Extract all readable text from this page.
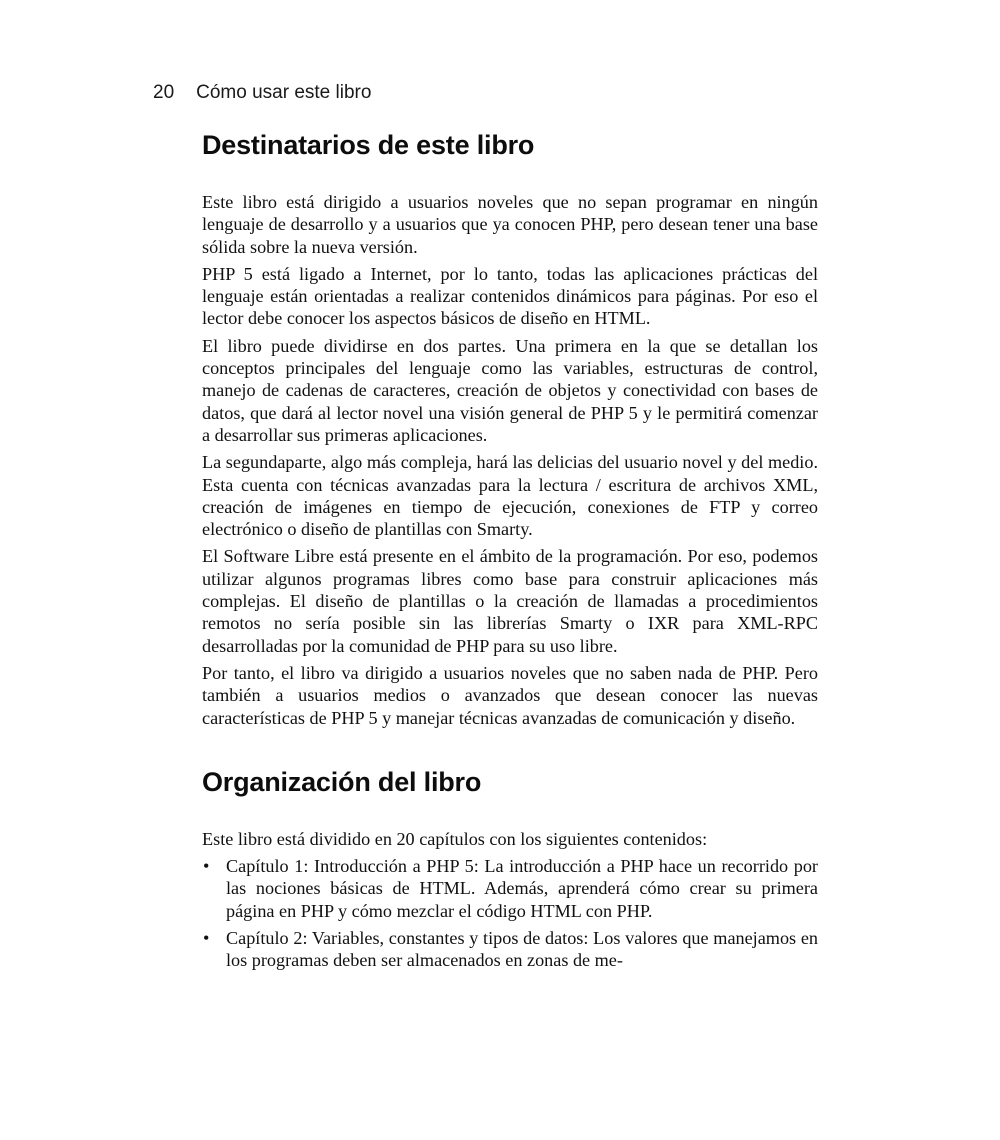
20 Cómo usar este libro
Destinatarios de este libro

Este libro está dirigido a usuarios noveles que no sepan programar en ningún lenguaje de desarrollo y a usuarios que ya conocen PHP, pero desean tener una base sólida sobre la nueva versión.

PHP 5 está ligado a Internet, por lo tanto, todas las aplicaciones prácticas del lenguaje están orientadas a realizar contenidos dinámicos para páginas. Por eso el lector debe conocer los aspectos básicos de diseño en HTML.

El libro puede dividirse en dos partes. Una primera en la que se detallan los conceptos principales del lenguaje como las variables, estructuras de control, manejo de cadenas de caracteres, creación de objetos y conectividad con bases de datos, que dará al lector novel una visión general de PHP 5 y le permitirá comenzar a desarrollar sus primeras aplicaciones.

La segundaparte, algo más compleja, hará las delicias del usuario novel y del medio. Esta cuenta con técnicas avanzadas para la lectura / escritura de archivos XML, creación de imágenes en tiempo de ejecución, conexiones de FTP y correo electrónico o diseño de plantillas con Smarty.

El Software Libre está presente en el ámbito de la programación. Por eso, podemos utilizar algunos programas libres como base para construir aplicaciones más complejas. El diseño de plantillas o la creación de llamadas a procedimientos remotos no sería posible sin las librerías Smarty o IXR para XML-RPC desarrolladas por la comunidad de PHP para su uso libre.

Por tanto, el libro va dirigido a usuarios noveles que no saben nada de PHP. Pero también a usuarios medios o avanzados que desean conocer las nuevas características de PHP 5 y manejar técnicas avanzadas de comunicación y diseño.

Organización del libro

Este libro está dividido en 20 capítulos con los siguientes contenidos:

• Capítulo 1: Introducción a PHP 5: La introducción a PHP hace un recorrido por las nociones básicas de HTML. Además, aprenderá cómo crear su primera página en PHP y cómo mezclar el código HTML con PHP.
• Capítulo 2: Variables, constantes y tipos de datos: Los valores que manejamos en los programas deben ser almacenados en zonas de me-
